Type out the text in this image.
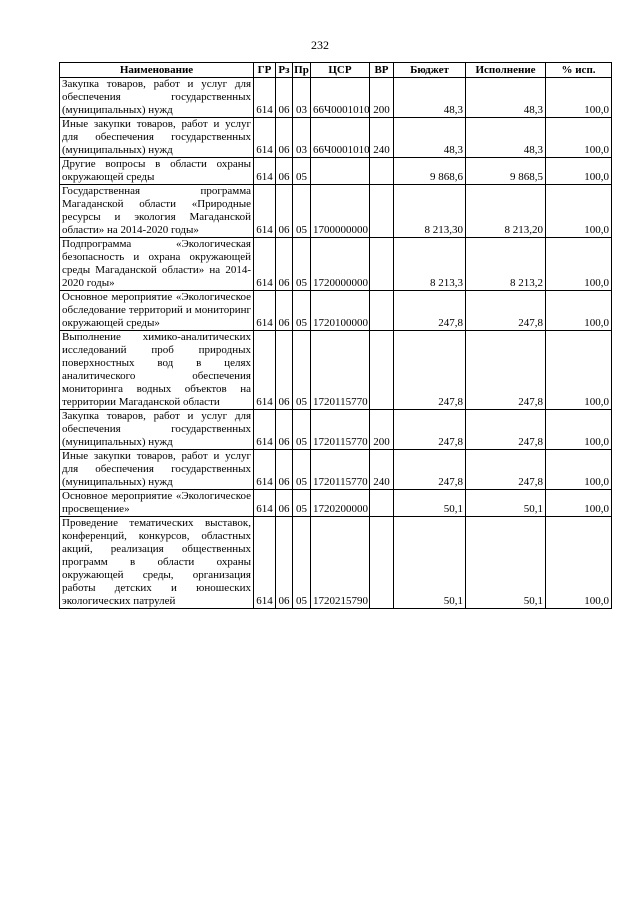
232
Наименование	ГР	Рз	Пр	ЦСР	ВР	Бюджет	Исполнение	% исп.
Закупка товаров, работ и услуг для обеспечения государственных (муниципальных) нужд	614	06	03	66Ч0001010	200	48,3	48,3	100,0
Иные закупки товаров, работ и услуг для обеспечения государственных (муниципальных) нужд	614	06	03	66Ч0001010	240	48,3	48,3	100,0
Другие вопросы в области охраны окружающей среды	614	06	05			9 868,6	9 868,5	100,0
Государственная программа Магаданской области «Природные ресурсы и экология Магаданской области» на 2014-2020 годы»	614	06	05	1700000000		8 213,30	8 213,20	100,0
Подпрограмма «Экологическая безопасность и охрана окружающей среды Магаданской области» на 2014-2020 годы»	614	06	05	1720000000		8 213,3	8 213,2	100,0
Основное мероприятие «Экологическое обследование территорий и мониторинг окружающей среды»	614	06	05	1720100000		247,8	247,8	100,0
Выполнение химико-аналитических исследований проб природных поверхностных вод в целях аналитического обеспечения мониторинга водных объектов на территории Магаданской области	614	06	05	1720115770		247,8	247,8	100,0
Закупка товаров, работ и услуг для обеспечения государственных (муниципальных) нужд	614	06	05	1720115770	200	247,8	247,8	100,0
Иные закупки товаров, работ и услуг для обеспечения государственных (муниципальных) нужд	614	06	05	1720115770	240	247,8	247,8	100,0
Основное мероприятие «Экологическое просвещение»	614	06	05	1720200000		50,1	50,1	100,0
Проведение тематических выставок, конференций, конкурсов, областных акций, реализация общественных программ в области охраны окружающей среды, организация работы детских и юношеских экологических патрулей	614	06	05	1720215790		50,1	50,1	100,0
